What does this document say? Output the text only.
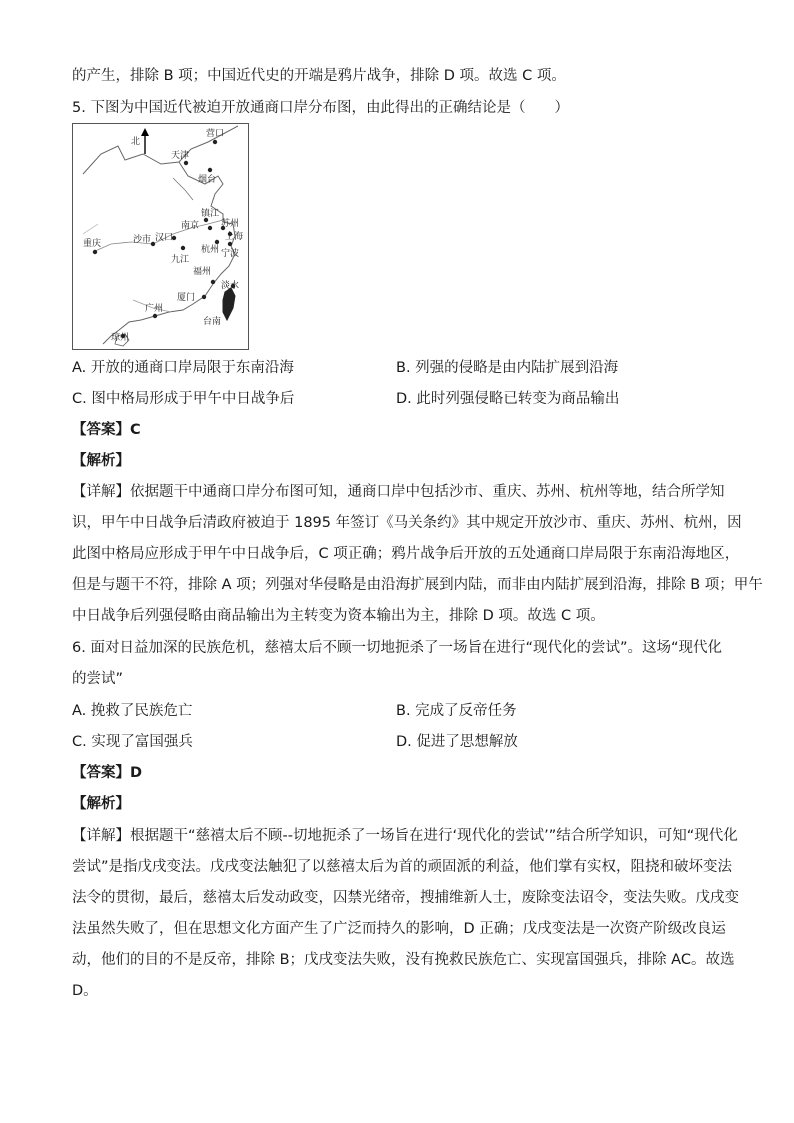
的产生，排除 B 项；中国近代史的开端是鸦片战争，排除 D 项。故选 C 项。
5. 下图为中国近代被迫开放通商口岸分布图，由此得出的正确结论是（　　）
北
营口
天津
烟台
镇江
苏州
南京
上海
杭州 宁波
沙市 汉口
重庆
九江
福州
淡水
广州
厦门
台南
琼州
A. 开放的通商口岸局限于东南沿海	B. 列强的侵略是由内陆扩展到沿海
C. 图中格局形成于甲午中日战争后	D. 此时列强侵略已转变为商品输出
【答案】C
【解析】
【详解】依据题干中通商口岸分布图可知，通商口岸中包括沙市、重庆、苏州、杭州等地，结合所学知
识，甲午中日战争后清政府被迫于 1895 年签订《马关条约》其中规定开放沙市、重庆、苏州、杭州，因
此图中格局应形成于甲午中日战争后，C 项正确；鸦片战争后开放的五处通商口岸局限于东南沿海地区，
但是与题干不符，排除 A 项；列强对华侵略是由沿海扩展到内陆，而非由内陆扩展到沿海，排除 B 项；甲午
中日战争后列强侵略由商品输出为主转变为资本输出为主，排除 D 项。故选 C 项。
6. 面对日益加深的民族危机，慈禧太后不顾一切地扼杀了一场旨在进行“现代化的尝试”。这场“现代化
的尝试”
A. 挽救了民族危亡	B. 完成了反帝任务
C. 实现了富国强兵	D. 促进了思想解放
【答案】D
【解析】
【详解】根据题干“慈禧太后不顾--切地扼杀了一场旨在进行‘现代化的尝试’”结合所学知识，可知“现代化
尝试”是指戊戌变法。戊戌变法触犯了以慈禧太后为首的顽固派的利益，他们掌有实权，阻挠和破坏变法
法令的贯彻，最后，慈禧太后发动政变，囚禁光绪帝，搜捕维新人士，废除变法诏令，变法失败。戊戌变
法虽然失败了，但在思想文化方面产生了广泛而持久的影响，D 正确；戊戌变法是一次资产阶级改良运
动，他们的目的不是反帝，排除 B；戊戌变法失败，没有挽救民族危亡、实现富国强兵，排除 AC。故选
D。
